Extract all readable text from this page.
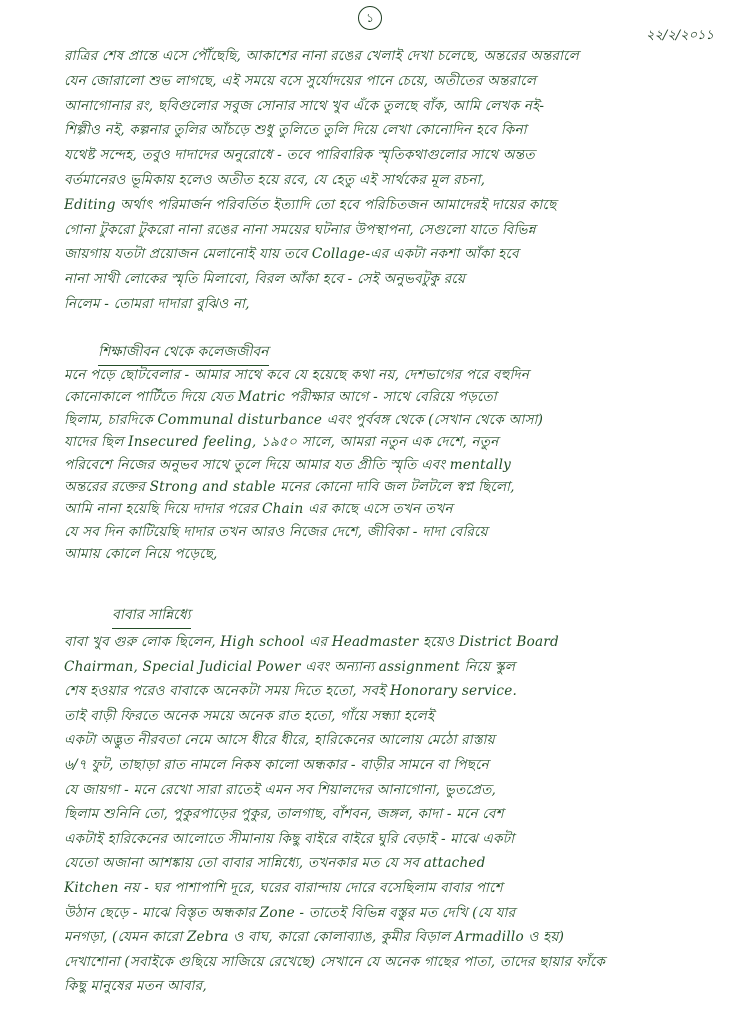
১
২২/২/২০১১
রাত্রির শেষ প্রান্তে এসে পৌঁছেছি, আকাশের নানা রঙের খেলাই দেখা চলেছে, অন্তরের অন্তরালে
যেন জোরালো শুভ লাগছে, এই সময়ে বসে সুর্যোদয়ের পানে চেয়ে, অতীতের অন্তরালে
আনাগোনার রং, ছবিগুলোর সবুজ সোনার সাথে খুব এঁকে তুলছে বাঁক, আমি লেখক নই-
শিল্পীও নই, কল্পনার তুলির আঁচড়ে শুধু তুলিতে তুলি দিয়ে লেখা কোনোদিন হবে কিনা
যথেষ্ট সন্দেহ, তবুও দাদাদের অনুরোধে - তবে পারিবারিক স্মৃতিকথাগুলোর সাথে অন্তত
বর্তমানেরও ভূমিকায় হলেও অতীত হয়ে রবে, যে হেতু এই সার্থকের মূল রচনা,
Editing অর্থাৎ পরিমার্জন পরিবর্তিত ইত্যাদি তো হবে পরিচিতজন আমাদেরই দায়ের কাছে
গোনা টুকরো টুকরো নানা রঙের নানা সময়ের ঘটনার উপস্থাপনা, সেগুলো যাতে বিভিন্ন
জায়গায় যতটা প্রয়োজন মেলানোই যায় তবে Collage-এর একটা নকশা আঁকা হবে
নানা সাথী লোকের স্মৃতি মিলাবো, বিরল আঁকা হবে - সেই অনুভবটুকু রয়ে
নিলেম - তোমরা দাদারা বুঝিও না,
শিক্ষাজীবন থেকে কলেজজীবন
মনে পড়ে ছোটবেলার - আমার সাথে কবে যে হয়েছে কথা নয়, দেশভাগের পরে বহুদিন
কোনোকালে পার্টিতে দিয়ে যেত Matric পরীক্ষার আগে - সাথে বেরিয়ে পড়তো
ছিলাম, চারদিকে Communal disturbance এবং পুর্ববঙ্গ থেকে (সেখান থেকে আসা)
যাদের ছিল Insecured feeling, ১৯৫০ সালে, আমরা নতুন এক দেশে, নতুন
পরিবেশে নিজের অনুভব সাথে তুলে দিয়ে আমার যত প্রীতি স্মৃতি এবং mentally
অন্তরের রক্তের Strong and stable মনের কোনো দাবি জল টলটলে স্বপ্ন ছিলো,
আমি নানা হয়েছি দিয়ে দাদার পরের Chain এর কাছে এসে তখন তখন
যে সব দিন কাটিয়েছি দাদার তখন আরও নিজের দেশে, জীবিকা - দাদা বেরিয়ে
আমায় কোলে নিয়ে পড়েছে,
বাবার সান্নিধ্যে
বাবা খুব গুরু লোক ছিলেন, High school এর Headmaster হয়েও District Board
Chairman, Special Judicial Power এবং অন্যান্য assignment নিয়ে স্কুল
শেষ হওয়ার পরেও বাবাকে অনেকটা সময় দিতে হতো, সবই Honorary service.
তাই বাড়ী ফিরতে অনেক সময়ে অনেক রাত হতো, গাঁয়ে সন্ধ্যা হলেই
একটা অদ্ভুত নীরবতা নেমে আসে ধীরে ধীরে, হারিকেনের আলোয় মেঠো রাস্তায়
৬/৭ ফুট, তাছাড়া রাত নামলে নিকষ কালো অন্ধকার - বাড়ীর সামনে বা পিছনে
যে জায়গা - মনে রেখো সারা রাতেই এমন সব শিয়ালদের আনাগোনা, ভুতপ্রেত,
ছিলাম শুনিনি তো, পুকুরপাড়ের পুকুর, তালগাছ, বাঁশবন, জঙ্গল, কাদা - মনে বেশ
একটাই হারিকেনের আলোতে সীমানায় কিছু বাইরে বাইরে ঘুরি বেড়াই - মাঝে একটা
যেতো অজানা আশঙ্কায় তো বাবার সান্নিধ্যে, তখনকার মত যে সব attached
Kitchen নয় - ঘর পাশাপাশি দূরে, ঘরের বারান্দায় দোরে বসেছিলাম বাবার পাশে
উঠান ছেড়ে - মাঝে বিস্তৃত অন্ধকার Zone - তাতেই বিভিন্ন বস্তুর মত দেখি (যে যার
মনগড়া, (যেমন কারো Zebra ও বাঘ, কারো কোলাব্যাঙ, কুমীর বিড়াল Armadillo ও হয়)
দেখাশোনা (সবাইকে গুছিয়ে সাজিয়ে রেখেছে) সেখানে যে অনেক গাছের পাতা, তাদের ছায়ার ফাঁকে
কিছু মানুষের মতন আবার,
